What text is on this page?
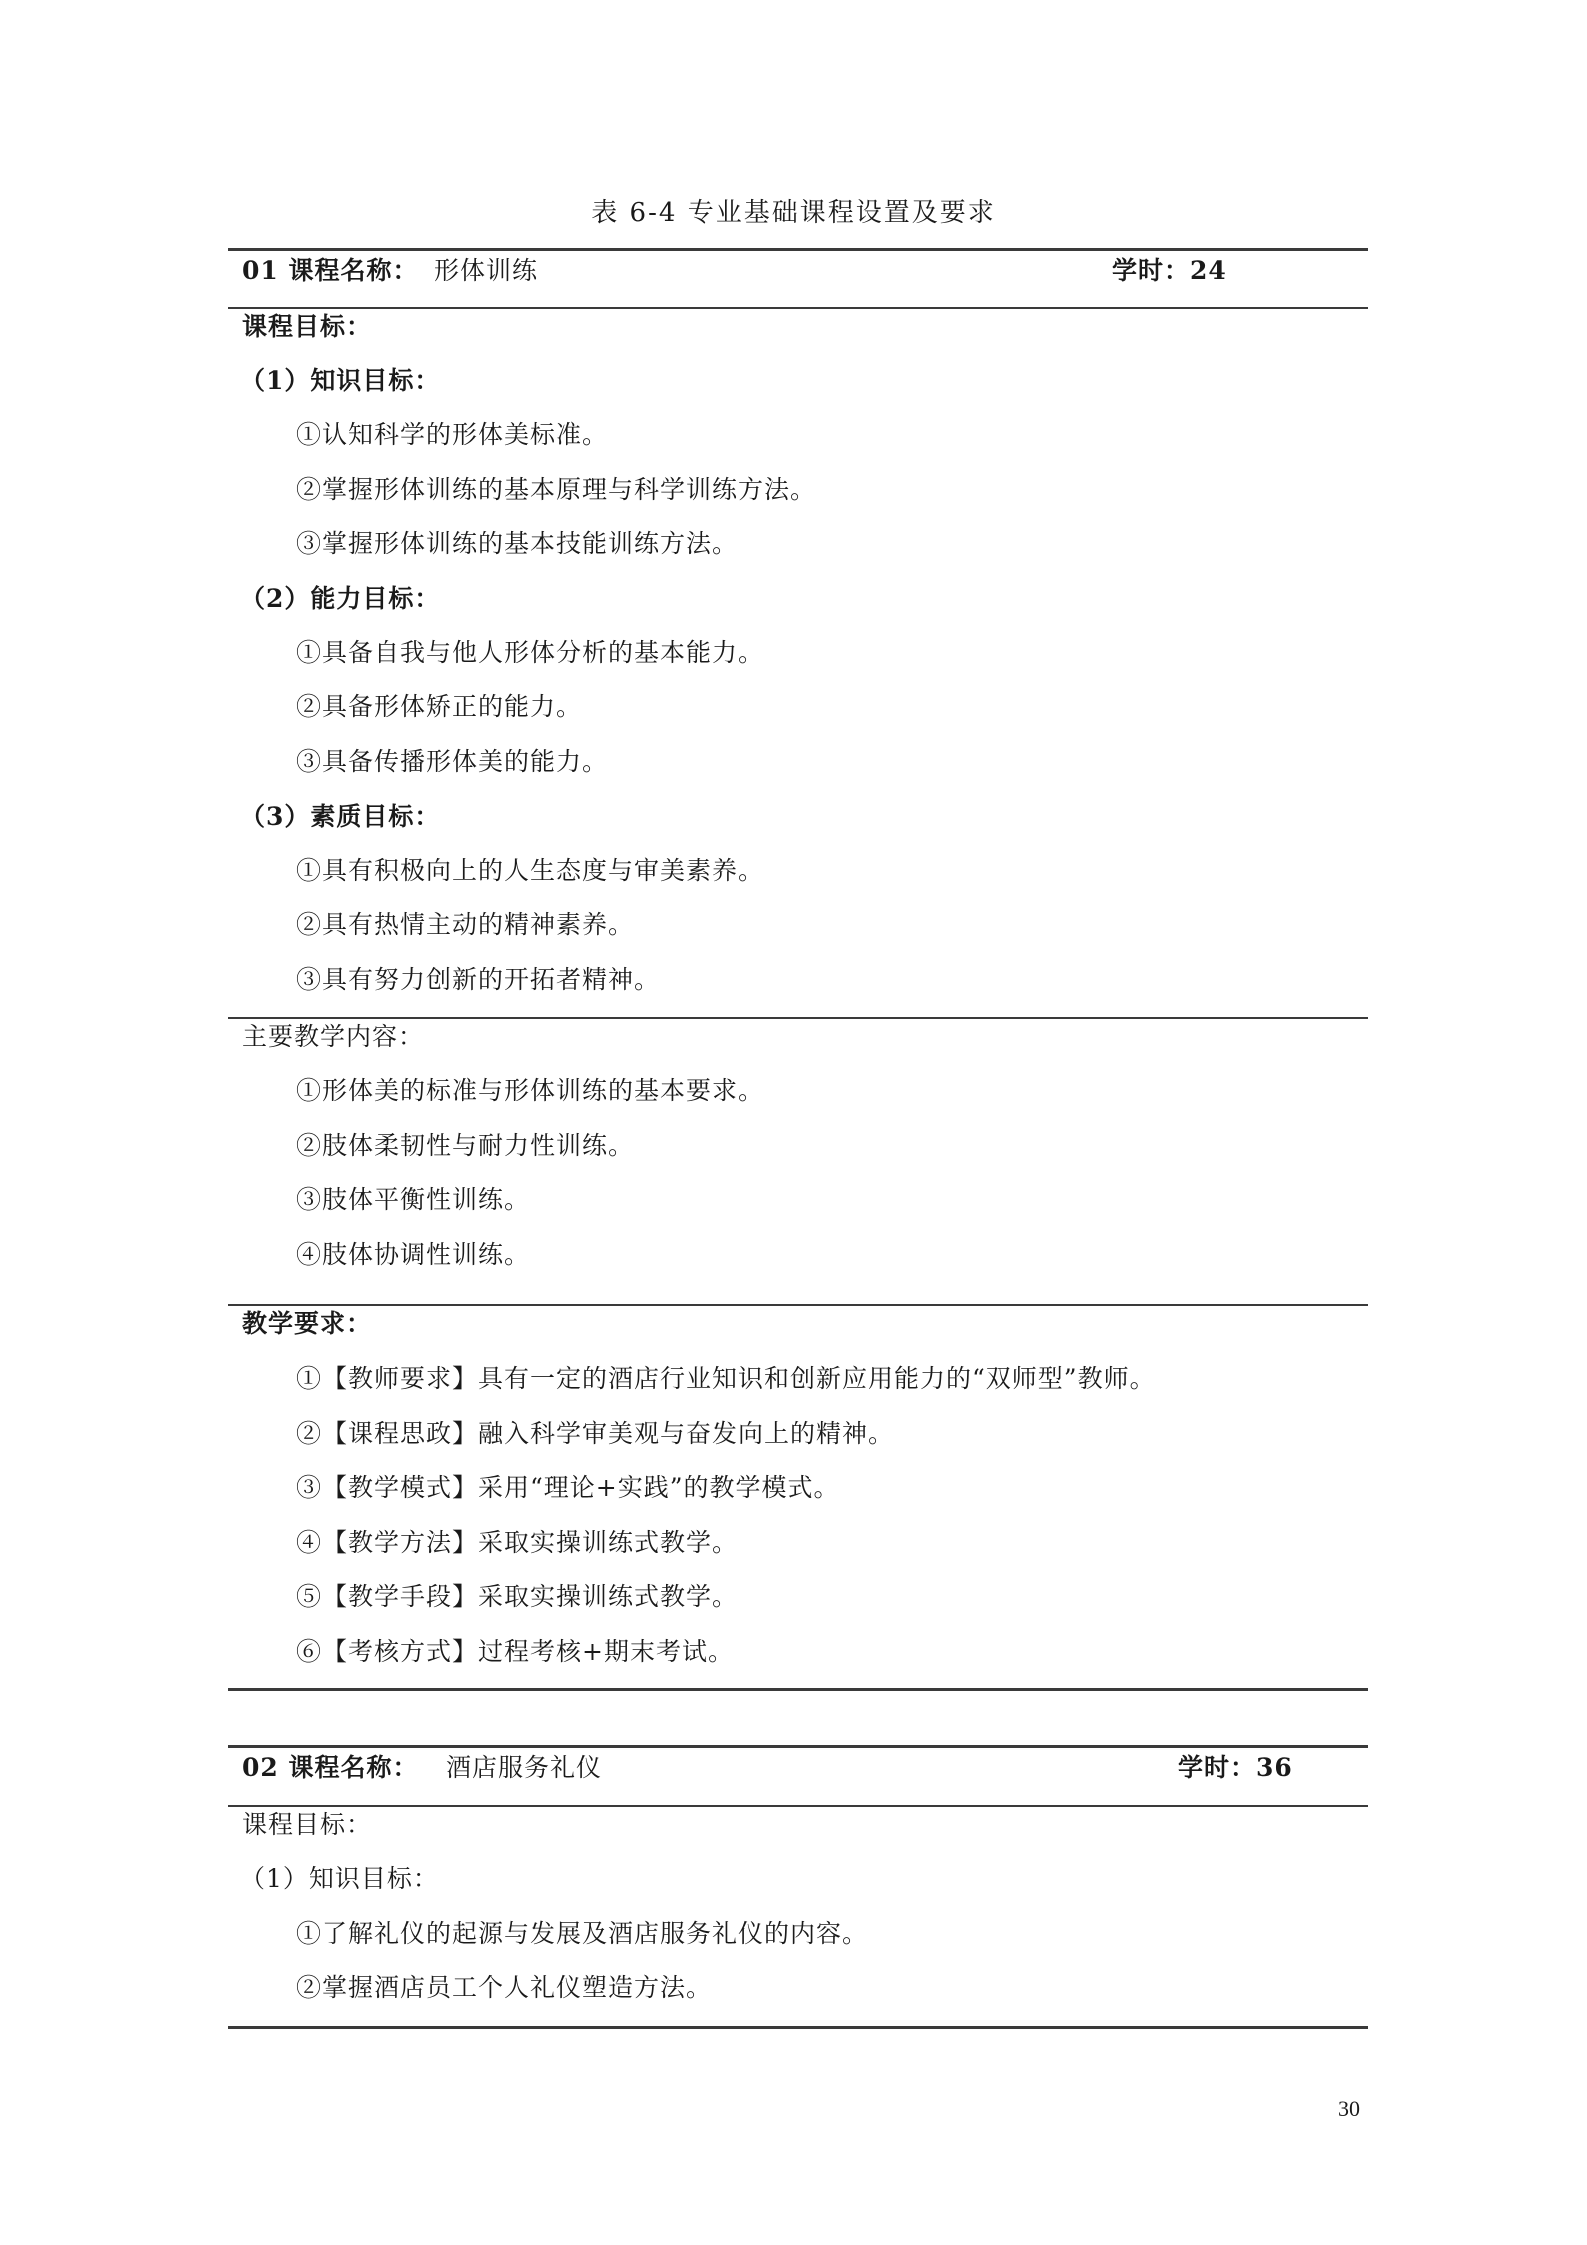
表 6-4 专业基础课程设置及要求
01 课程名称： 形体训练	学时：24
课程目标：
（1）知识目标：
①认知科学的形体美标准。
②掌握形体训练的基本原理与科学训练方法。
③掌握形体训练的基本技能训练方法。
（2）能力目标：
①具备自我与他人形体分析的基本能力。
②具备形体矫正的能力。
③具备传播形体美的能力。
（3）素质目标：
①具有积极向上的人生态度与审美素养。
②具有热情主动的精神素养。
③具有努力创新的开拓者精神。
主要教学内容：
①形体美的标准与形体训练的基本要求。
②肢体柔韧性与耐力性训练。
③肢体平衡性训练。
④肢体协调性训练。
教学要求：
①【教师要求】具有一定的酒店行业知识和创新应用能力的“双师型”教师。
②【课程思政】融入科学审美观与奋发向上的精神。
③【教学模式】采用“理论+实践”的教学模式。
④【教学方法】采取实操训练式教学。
⑤【教学手段】采取实操训练式教学。
⑥【考核方式】过程考核+期末考试。
02 课程名称： 酒店服务礼仪	学时：36
课程目标：
（1）知识目标：
①了解礼仪的起源与发展及酒店服务礼仪的内容。
②掌握酒店员工个人礼仪塑造方法。
30
